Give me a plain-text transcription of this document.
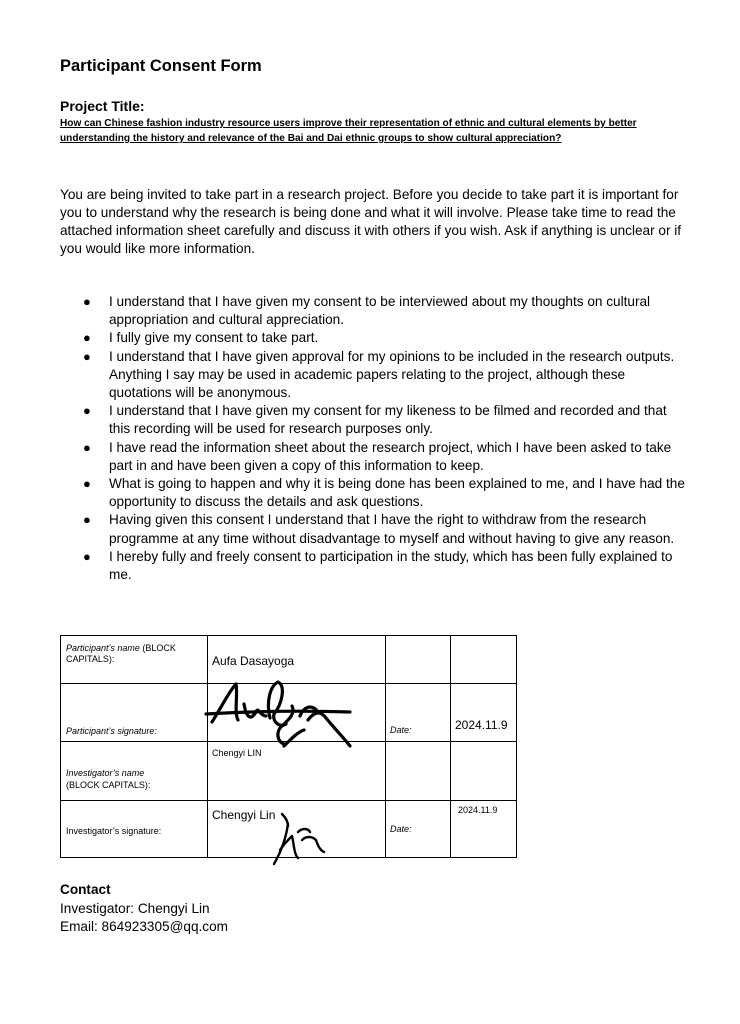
Participant Consent Form
Project Title:
How can Chinese fashion industry resource users improve their representation of ethnic and cultural elements by better understanding the history and relevance of the Bai and Dai ethnic groups to show cultural appreciation?

You are being invited to take part in a research project. Before you decide to take part it is important for you to understand why the research is being done and what it will involve. Please take time to read the attached information sheet carefully and discuss it with others if you wish. Ask if anything is unclear or if you would like more information.

● I understand that I have given my consent to be interviewed about my thoughts on cultural appropriation and cultural appreciation.
● I fully give my consent to take part.
● I understand that I have given approval for my opinions to be included in the research outputs. Anything I say may be used in academic papers relating to the project, although these quotations will be anonymous.
● I understand that I have given my consent for my likeness to be filmed and recorded and that this recording will be used for research purposes only.
● I have read the information sheet about the research project, which I have been asked to take part in and have been given a copy of this information to keep.
● What is going to happen and why it is being done has been explained to me, and I have had the opportunity to discuss the details and ask questions.
● Having given this consent I understand that I have the right to withdraw from the research programme at any time without disadvantage to myself and without having to give any reason.
● I hereby fully and freely consent to participation in the study, which has been fully explained to me.
Participant’s name (BLOCK CAPITALS):	Aufa Dasayoga		

Participant’s signature:		Date:	2024.11.9

Investigator’s name
(BLOCK CAPITALS):	Chengyi LIN		

Investigator’s signature:	Chengyi Lin	Date:	2024.11.9
Contact
Investigator: Chengyi Lin
Email: 864923305@qq.com
